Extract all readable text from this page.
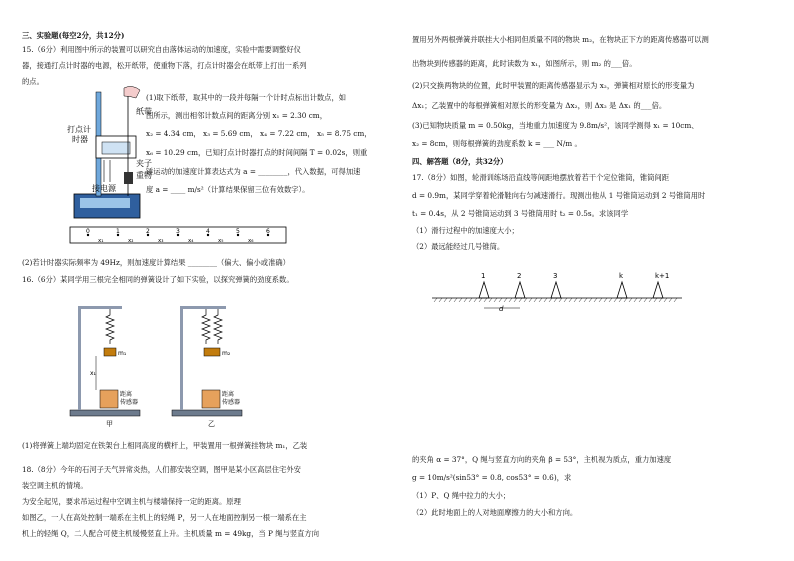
三、实验题(每空2分，共12分)
15.（6分）利用图中所示的装置可以研究自由落体运动的加速度，实验中需要调整好仪
器，接通打点计时器的电源，松开纸带，使重物下落，打点计时器会在纸带上打出一系列
的点。
(1)取下纸带，取其中的一段并每隔一个计时点标出计数点，如
图所示，测出相邻计数点间的距离分别 x₁ = 2.30 cm，
x₂ = 4.34 cm， x₃ = 5.69 cm， x₄ = 7.22 cm， x₅ = 8.75 cm，
x₆ = 10.29 cm，已知打点计时器打点的时间间隔 T = 0.02s，则重
锤运动的加速度计算表达式为 a = ________，代入数据，可得加速
度 a = ____ m/s²（计算结果保留三位有效数字）。
(2)若计时器实际频率为 49Hz，则加速度计算结果 ________（偏大、偏小或准确）
16.（6分）某同学用三根完全相同的弹簧设计了如下实验，以探究弹簧的劲度系数。
(1)将弹簧上端均固定在铁架台上相同高度的横杆上，甲装置用一根弹簧挂物块 m₁，乙装
18.（8分）今年的石河子天气异常炎热，人们都安装空调，图甲是某小区高层住宅外安
装空调主机的情境。
为安全起见，要求吊运过程中空调主机与楼墙保持一定的距离。原理
如图乙，一人在高处控制一端系在主机上的轻绳 P，另一人在地面控制另一根一端系在主
机上的轻绳 Q，二人配合可使主机缓慢竖直上升。主机质量 m = 49kg，当 P 绳与竖直方向
纸带
打点计
时器
夹子
重物
接电源
0
x₁
1
x₂
2
x₃
3
x₄
4
x₅
5
x₆
6
m₁
x₁
距离
传感器
甲
m₂
距离
传感器
乙
置用另外两根弹簧并联挂大小相同但质量不同的物块 m₂，在物块正下方的距离传感器可以测
出物块到传感器的距离，此时读数为 x₁，如图所示，则 m₂ 的___倍。
(2)只交换两物块的位置，此时甲装置的距离传感器显示为 x₂，弹簧相对原长的形变量为
Δx₁；乙装置中的每根弹簧相对原长的形变量为 Δx₂，则 Δx₂ 是 Δx₁ 的___倍。
(3)已知物块质量 m = 0.50kg，当地重力加速度为 9.8m/s²，该同学测得 x₁ = 10cm、
x₂ = 8cm，则每根弹簧的劲度系数 k = ___ N/m 。
四、解答题（8分，共32分）
17.（8分）如图，轮滑训练场沿直线等间距地摆放着若干个定位锥筒，锥筒间距
d = 0.9m，某同学穿着轮滑鞋向右匀减速滑行。现测出他从 1 号锥筒运动到 2 号锥筒用时
t₁ = 0.4s，从 2 号锥筒运动到 3 号锥筒用时 t₂ = 0.5s。求该同学
（1）滑行过程中的加速度大小；
（2）最远能经过几号锥筒。
的夹角 α = 37°，Q 绳与竖直方向的夹角 β = 53°，主机视为质点，重力加速度
g = 10m/s²(sin53° = 0.8, cos53° = 0.6)，求
（1）P、Q 绳中拉力的大小；
（2）此时地面上的人对地面摩擦力的大小和方向。
1	2	3	k	k+1
d
